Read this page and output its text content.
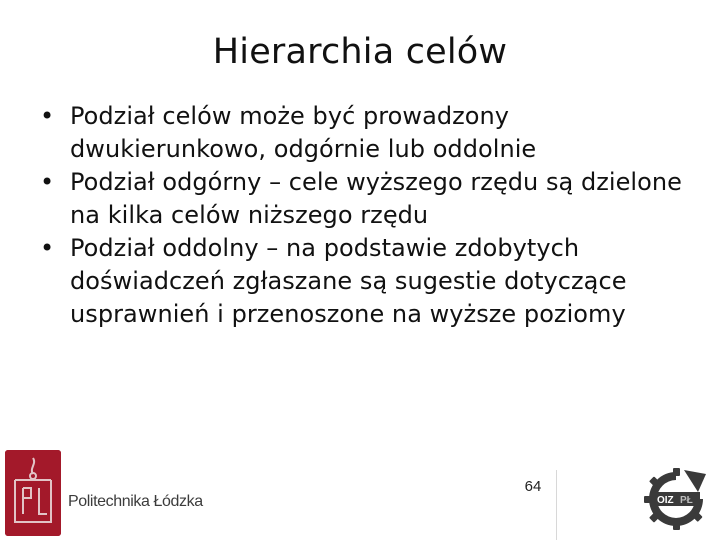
Hierarchia celów
• Podział celów może być prowadzony dwukierunkowo, odgórnie lub oddolnie
• Podział odgórny – cele wyższego rzędu są dzielone na kilka celów niższego rzędu
• Podział oddolny – na podstawie zdobytych doświadczeń zgłaszane są sugestie dotyczące usprawnień i przenoszone na wyższe poziomy
Politechnika Łódzka
64
OIZ PŁ
